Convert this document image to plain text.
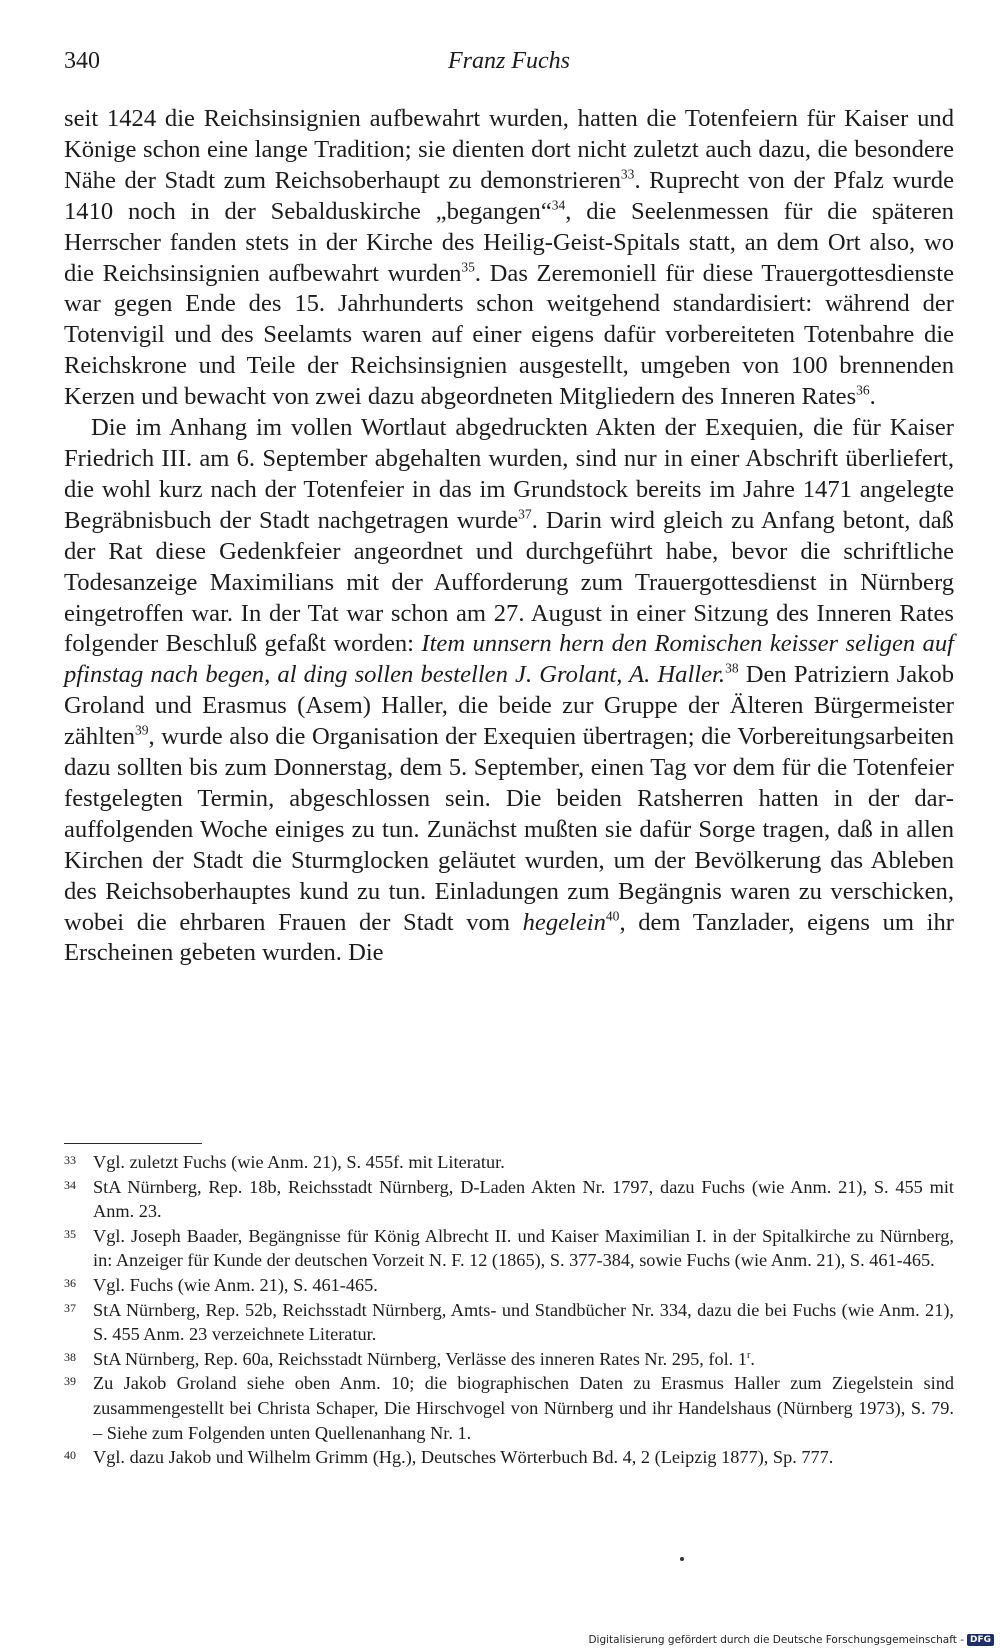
340	Franz Fuchs

seit 1424 die Reichsinsignien aufbewahrt wurden, hatten die Totenfeiern für Kaiser und Könige schon eine lange Tradition; sie dienten dort nicht zuletzt auch dazu, die besondere Nähe der Stadt zum Reichsoberhaupt zu demonstrieren$^{33}$. Ruprecht von der Pfalz wurde 1410 noch in der Sebalduskirche „begangen“$^{34}$, die Seelenmessen für die späteren Herrscher fanden stets in der Kirche des Heilig-Geist-Spitals statt, an dem Ort also, wo die Reichsinsignien aufbewahrt wurden$^{35}$. Das Zeremoniell für diese Trauergottesdienste war gegen Ende des 15. Jahrhunderts schon weitgehend standardisiert: während der Totenvigil und des Seelamts waren auf einer eigens dafür vorbereiteten Totenbahre die Reichskrone und Teile der Reichsinsignien ausgestellt, umgeben von 100 brennenden Kerzen und bewacht von zwei dazu abgeordneten Mitgliedern des Inneren Rates$^{36}$.

Die im Anhang im vollen Wortlaut abgedruckten Akten der Exequien, die für Kaiser Friedrich III. am 6. September abgehalten wurden, sind nur in einer Abschrift überliefert, die wohl kurz nach der Totenfeier in das im Grundstock bereits im Jahre 1471 angelegte Begräbnisbuch der Stadt nachgetragen wurde$^{37}$. Darin wird gleich zu Anfang betont, daß der Rat diese Gedenkfeier angeordnet und durchgeführt habe, bevor die schriftliche Todesanzeige Maximilians mit der Aufforderung zum Trauergottesdienst in Nürnberg eingetroffen war. In der Tat war schon am 27. August in einer Sitzung des Inneren Rates folgender Beschluß gefaßt worden: Item unnsern hern den Romischen keisser seligen auf pfinstag nach begen, al ding sollen bestellen J. Grolant, A. Haller.$^{38}$ Den Patriziern Jakob Groland und Erasmus (Asem) Haller, die beide zur Gruppe der Älteren Bürgermeister zählten$^{39}$, wurde also die Organisation der Exequien übertragen; die Vorbereitungsarbeiten dazu sollten bis zum Donnerstag, dem 5. September, einen Tag vor dem für die Totenfeier festgelegten Termin, abgeschlossen sein. Die beiden Ratsherren hatten in der darauffolgenden Woche einiges zu tun. Zunächst mußten sie dafür Sorge tragen, daß in allen Kirchen der Stadt die Sturmglocken geläutet wurden, um der Bevölkerung das Ableben des Reichsoberhauptes kund zu tun. Einladungen zum Begängnis waren zu verschicken, wobei die ehrbaren Frauen der Stadt vom hegelein$^{40}$, dem Tanzlader, eigens um ihr Erscheinen gebeten wurden. Die

33 Vgl. zuletzt Fuchs (wie Anm. 21), S. 455f. mit Literatur.
34 StA Nürnberg, Rep. 18b, Reichsstadt Nürnberg, D-Laden Akten Nr. 1797, dazu Fuchs (wie Anm. 21), S. 455 mit Anm. 23.
35 Vgl. Joseph Baader, Begängnisse für König Albrecht II. und Kaiser Maximilian I. in der Spitalkirche zu Nürnberg, in: Anzeiger für Kunde der deutschen Vorzeit N. F. 12 (1865), S. 377-384, sowie Fuchs (wie Anm. 21), S. 461-465.
36 Vgl. Fuchs (wie Anm. 21), S. 461-465.
37 StA Nürnberg, Rep. 52b, Reichsstadt Nürnberg, Amts- und Standbücher Nr. 334, dazu die bei Fuchs (wie Anm. 21), S. 455 Anm. 23 verzeichnete Literatur.
38 StA Nürnberg, Rep. 60a, Reichsstadt Nürnberg, Verlässe des inneren Rates Nr. 295, fol. 1$^r$.
39 Zu Jakob Groland siehe oben Anm. 10; die biographischen Daten zu Erasmus Haller zum Ziegelstein sind zusammengestellt bei Christa Schaper, Die Hirschvogel von Nürnberg und ihr Handelshaus (Nürnberg 1973), S. 79. – Siehe zum Folgenden unten Quellenanhang Nr. 1.
40 Vgl. dazu Jakob und Wilhelm Grimm (Hg.), Deutsches Wörterbuch Bd. 4, 2 (Leipzig 1877), Sp. 777.
Digitalisierung gefördert durch die Deutsche Forschungsgemeinschaft - DFG
